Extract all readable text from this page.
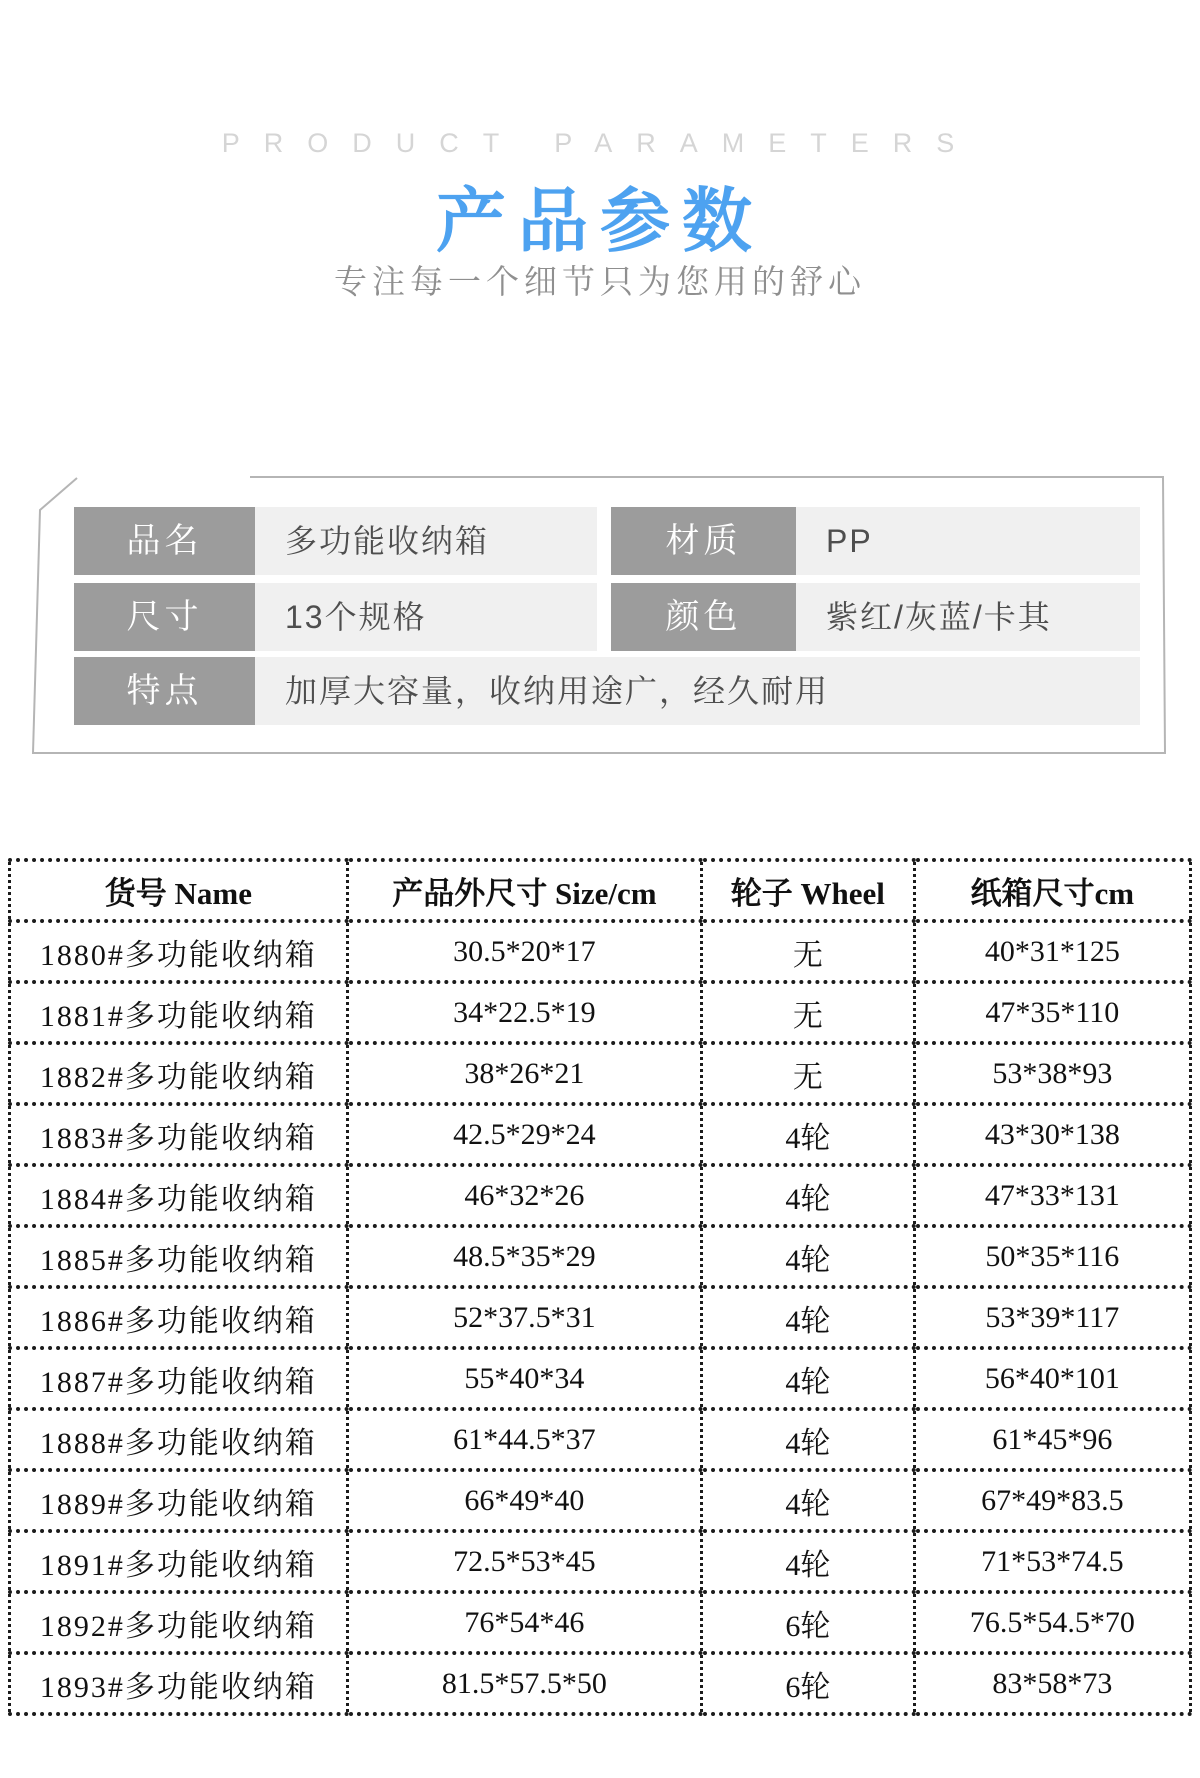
PRODUCT PARAMETERS
产品参数
专注每一个细节只为您用的舒心
品名	多功能收纳箱	材质	PP
尺寸	13个规格	颜色	紫红/灰蓝/卡其
特点	加厚大容量，收纳用途广，经久耐用
货号 Name	产品外尺寸 Size/cm	轮子 Wheel	纸箱尺寸cm
1880#多功能收纳箱	30.5*20*17	无	40*31*125
1881#多功能收纳箱	34*22.5*19	无	47*35*110
1882#多功能收纳箱	38*26*21	无	53*38*93
1883#多功能收纳箱	42.5*29*24	4轮	43*30*138
1884#多功能收纳箱	46*32*26	4轮	47*33*131
1885#多功能收纳箱	48.5*35*29	4轮	50*35*116
1886#多功能收纳箱	52*37.5*31	4轮	53*39*117
1887#多功能收纳箱	55*40*34	4轮	56*40*101
1888#多功能收纳箱	61*44.5*37	4轮	61*45*96
1889#多功能收纳箱	66*49*40	4轮	67*49*83.5
1891#多功能收纳箱	72.5*53*45	4轮	71*53*74.5
1892#多功能收纳箱	76*54*46	6轮	76.5*54.5*70
1893#多功能收纳箱	81.5*57.5*50	6轮	83*58*73
